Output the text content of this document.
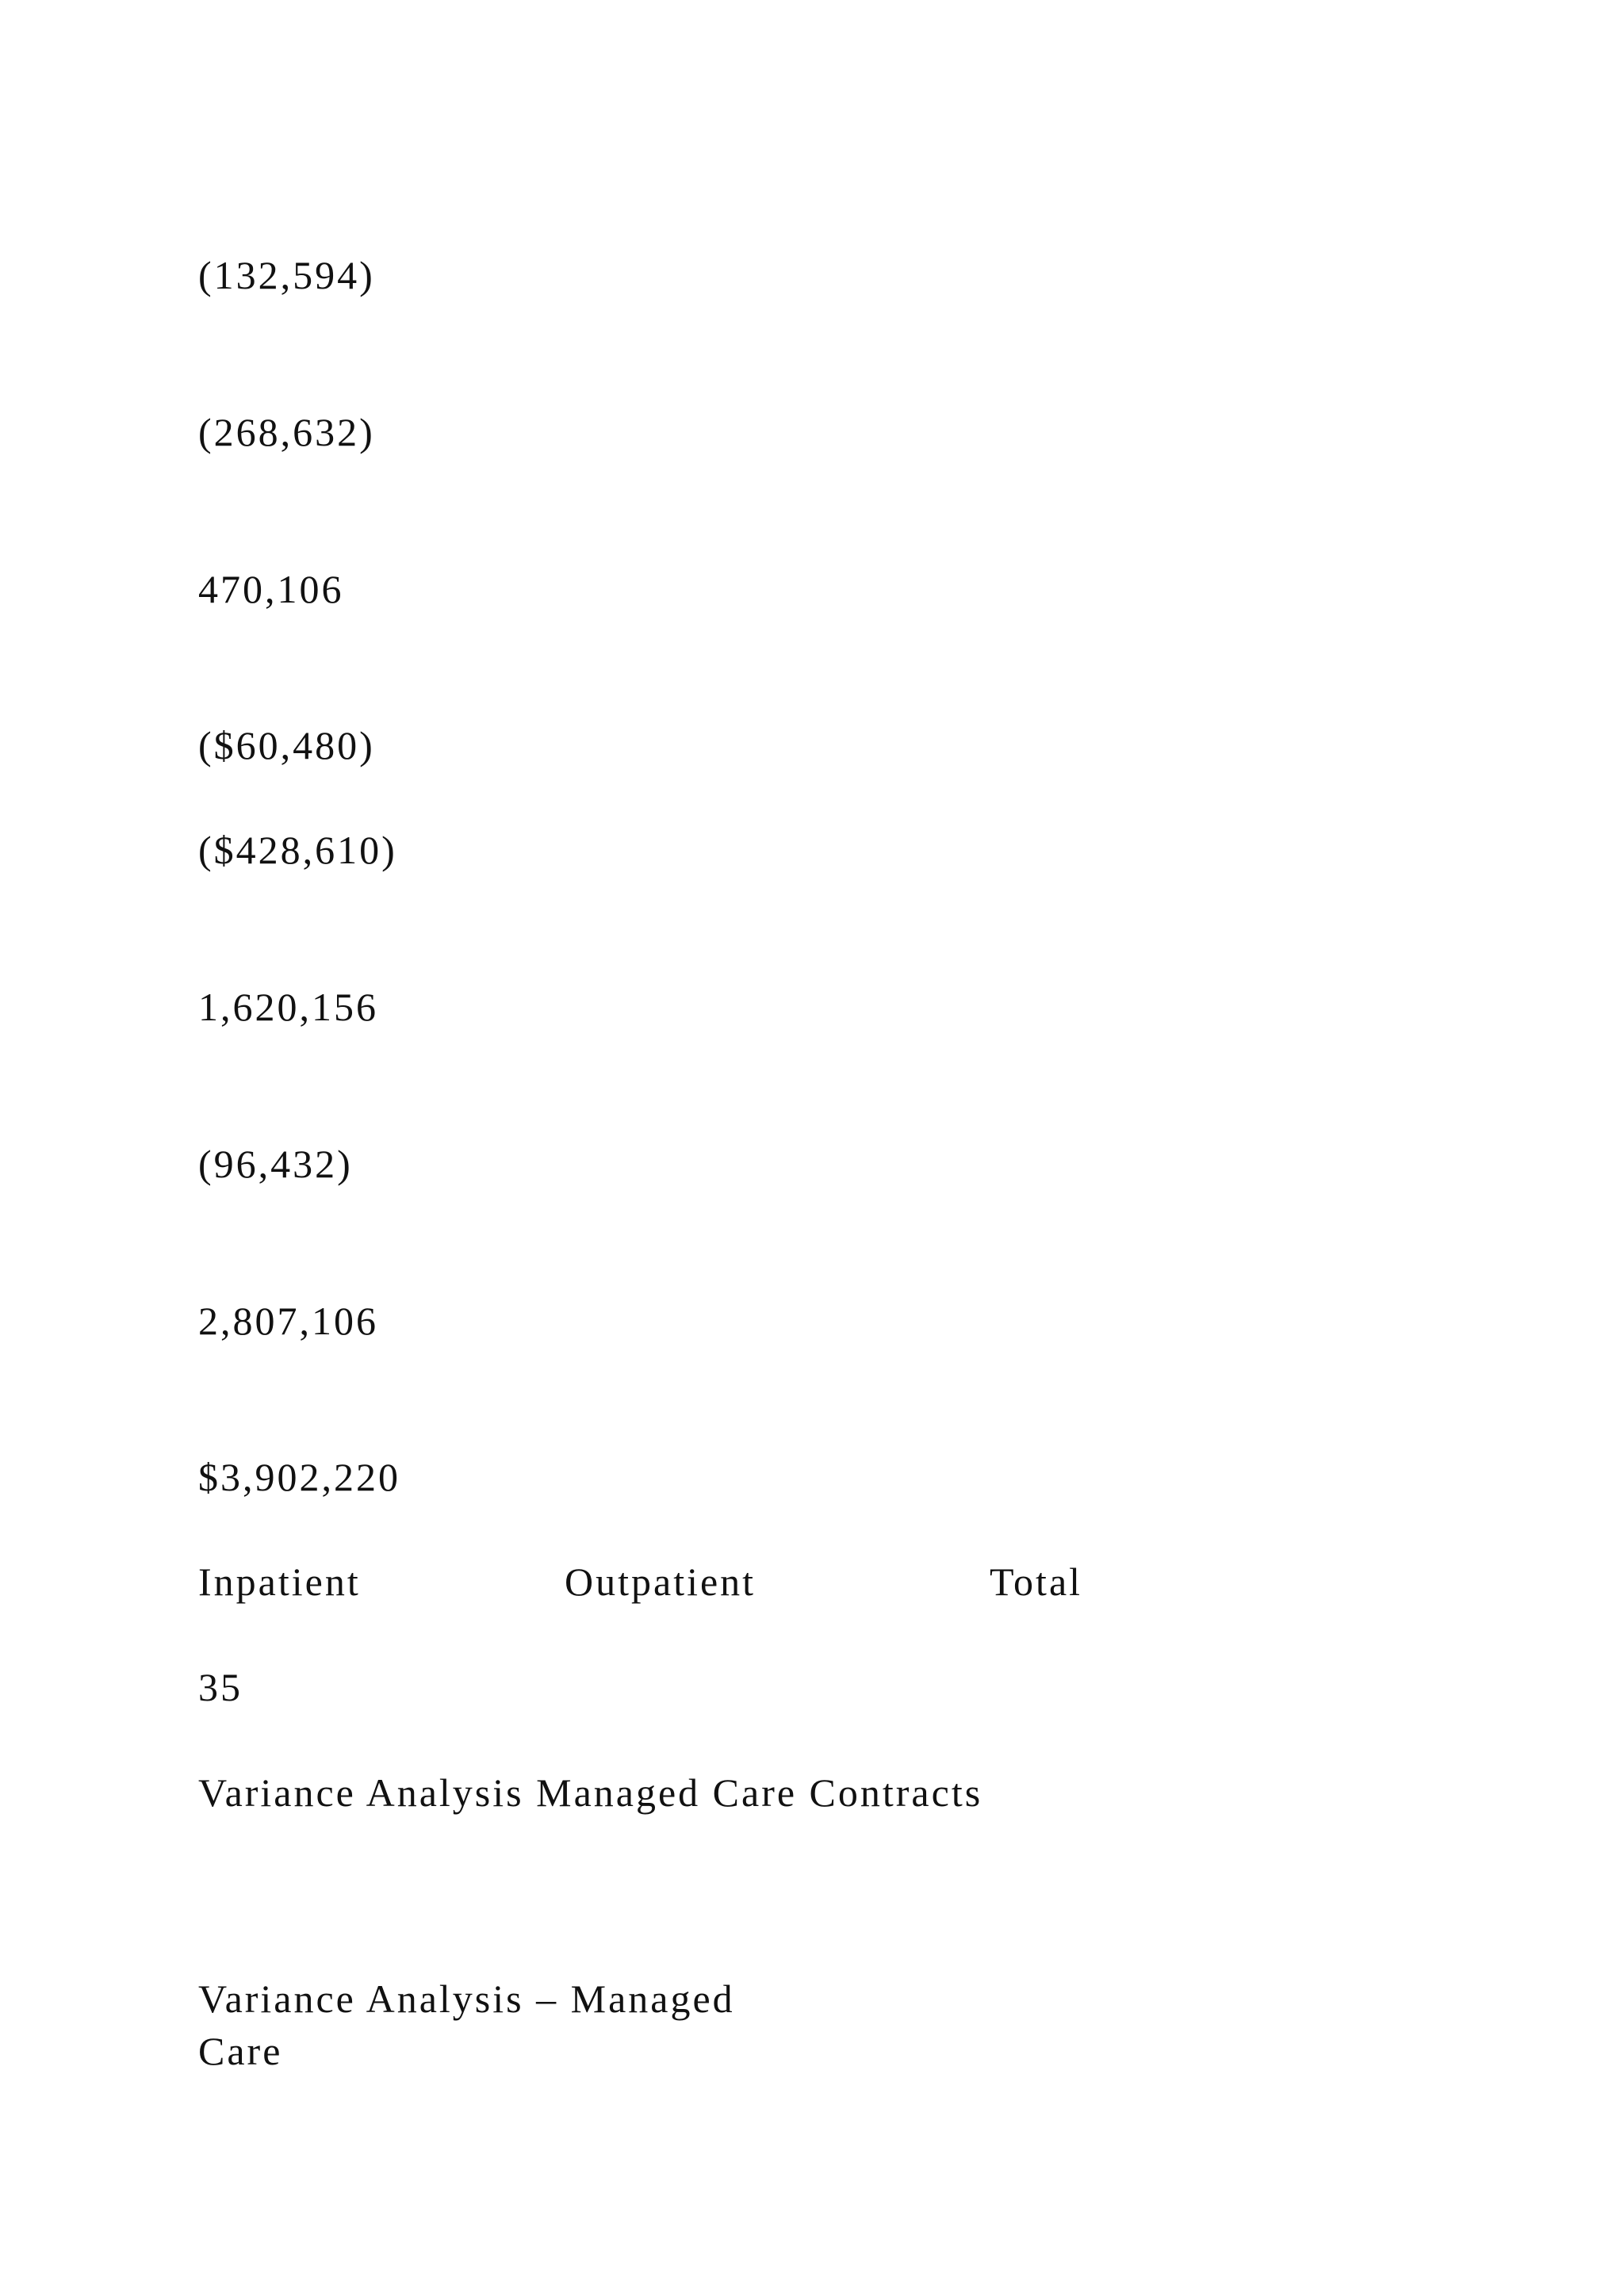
(132,594)
(268,632)
470,106
($60,480)
($428,610)
1,620,156
(96,432)
2,807,106
$3,902,220
Inpatient	Outpatient	Total
35
Variance Analysis Managed Care Contracts
Variance Analysis – Managed Care
